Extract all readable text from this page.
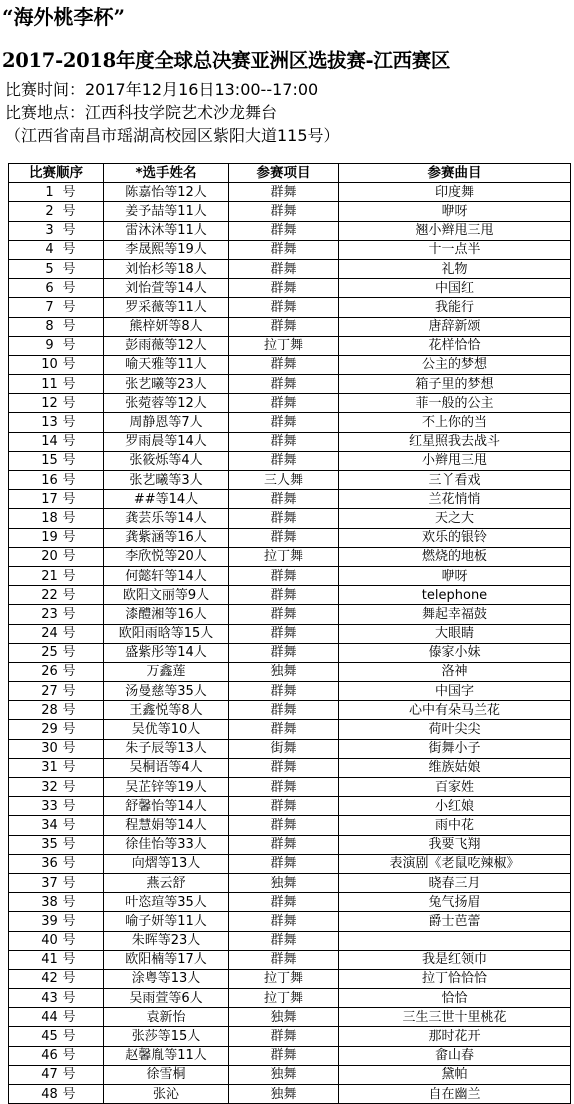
“海外桃李杯”
2017-2018年度全球总决赛亚洲区选拔赛-江西赛区
比赛时间：2017年12月16日13:00--17:00
比赛地点：江西科技学院艺术沙龙舞台
（江西省南昌市瑶湖高校园区紫阳大道115号）
比赛顺序	*选手姓名	参赛项目	参赛曲目
1 号	陈嘉怡等12人	群舞	印度舞
2 号	姜予喆等11人	群舞	咿呀
3 号	雷沐沐等11人	群舞	翘小辫甩三甩
4 号	李晟熙等19人	群舞	十一点半
5 号	刘怡杉等18人	群舞	礼物
6 号	刘怡萱等14人	群舞	中国红
7 号	罗采薇等11人	群舞	我能行
8 号	熊梓妍等8人	群舞	唐辞新颂
9 号	彭雨薇等12人	拉丁舞	花样恰恰
10 号	喻天雅等11人	群舞	公主的梦想
11 号	张艺曦等23人	群舞	箱子里的梦想
12 号	张菀蓉等12人	群舞	菲一般的公主
13 号	周静恩等7人	群舞	不上你的当
14 号	罗雨晨等14人	群舞	红星照我去战斗
15 号	张筱烁等4人	群舞	小辫甩三甩
16 号	张艺曦等3人	三人舞	三丫看戏
17 号	##等14人	群舞	兰花悄悄
18 号	龚芸乐等14人	群舞	天之大
19 号	龚紫涵等16人	群舞	欢乐的银铃
20 号	李欣悦等20人	拉丁舞	燃烧的地板
21 号	何懿轩等14人	群舞	咿呀
22 号	欧阳文丽等9人	群舞	telephone
23 号	漆醴湘等16人	群舞	舞起幸福鼓
24 号	欧阳雨晗等15人	群舞	大眼睛
25 号	盛紫彤等14人	群舞	傣家小妹
26 号	万鑫莲	独舞	洛神
27 号	汤曼慈等35人	群舞	中国字
28 号	王鑫悦等8人	群舞	心中有朵马兰花
29 号	吴优等10人	群舞	荷叶尖尖
30 号	朱子辰等13人	街舞	街舞小子
31 号	吴桐语等4人	群舞	维族姑娘
32 号	吴芷锌等19人	群舞	百家姓
33 号	舒馨怡等14人	群舞	小红娘
34 号	程慧娟等14人	群舞	雨中花
35 号	徐佳怡等33人	群舞	我要飞翔
36 号	向熠等13人	群舞	表演剧《老鼠吃辣椒》
37 号	燕云舒	独舞	晓春三月
38 号	叶恣瑄等35人	群舞	兔气扬眉
39 号	喻子妍等11人	群舞	爵士芭蕾
40 号	朱晖等23人	群舞	
41 号	欧阳楠等17人	群舞	我是红领巾
42 号	涂粤等13人	拉丁舞	拉丁恰恰恰
43 号	吴雨萱等6人	拉丁舞	恰恰
44 号	袁新怡	独舞	三生三世十里桃花
45 号	张莎等15人	群舞	那时花开
46 号	赵馨胤等11人	群舞	畲山春
47 号	徐雪桐	独舞	黛帕
48 号	张沁	独舞	自在幽兰
